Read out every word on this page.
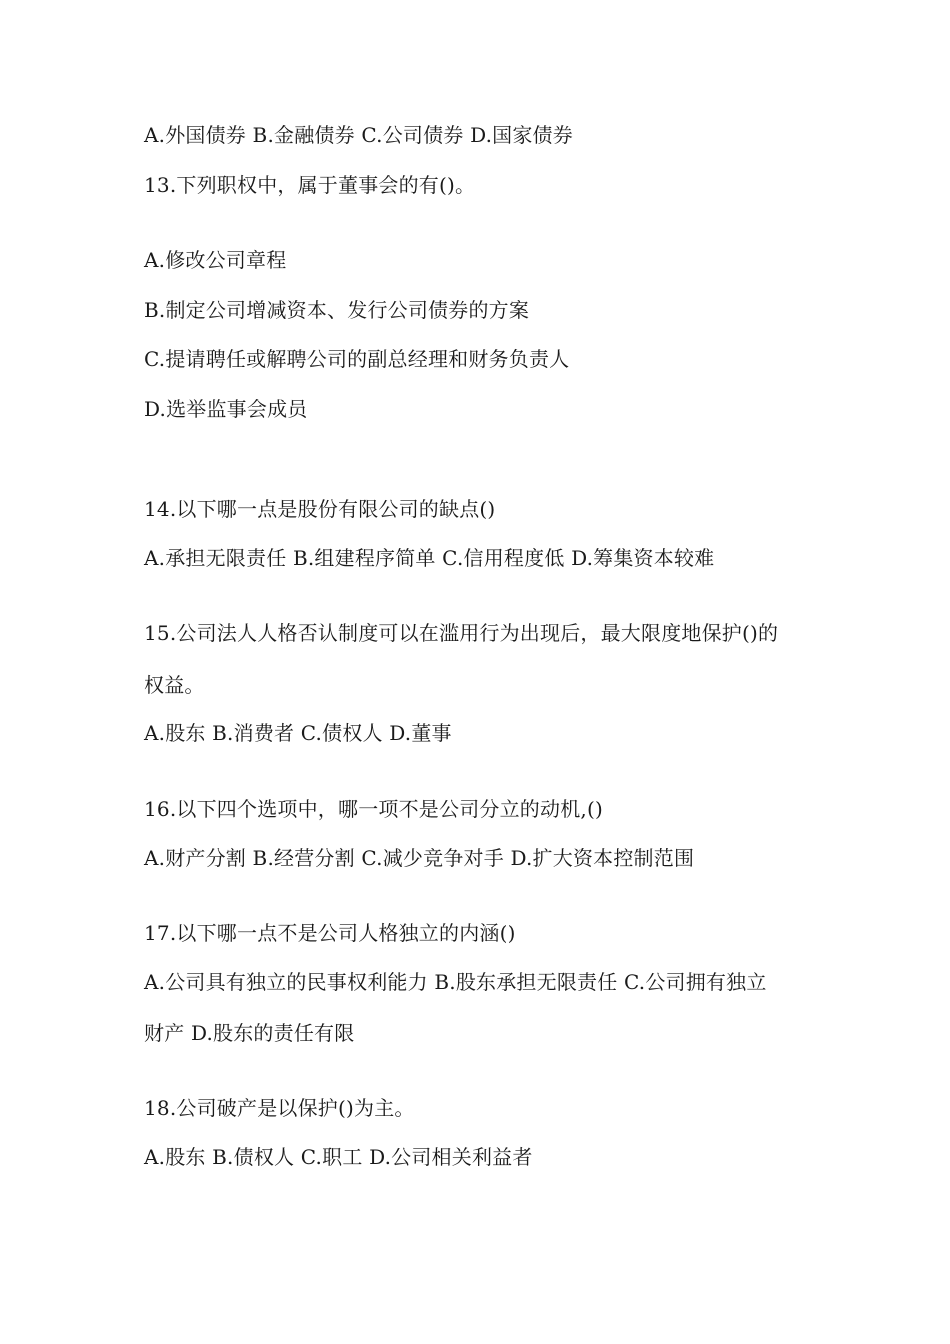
A.外国债券 B.金融债券 C.公司债券 D.国家债券
13.下列职权中，属于董事会的有()。
A.修改公司章程
B.制定公司增减资本、发行公司债券的方案
C.提请聘任或解聘公司的副总经理和财务负责人
D.选举监事会成员
14.以下哪一点是股份有限公司的缺点()
A.承担无限责任 B.组建程序简单 C.信用程度低 D.筹集资本较难
15.公司法人人格否认制度可以在滥用行为出现后，最大限度地保护()的
权益。
A.股东 B.消费者 C.债权人 D.董事
16.以下四个选项中，哪一项不是公司分立的动机,()
A.财产分割 B.经营分割 C.减少竞争对手 D.扩大资本控制范围
17.以下哪一点不是公司人格独立的内涵()
A.公司具有独立的民事权利能力 B.股东承担无限责任 C.公司拥有独立
财产 D.股东的责任有限
18.公司破产是以保护()为主。
A.股东 B.债权人 C.职工 D.公司相关利益者
